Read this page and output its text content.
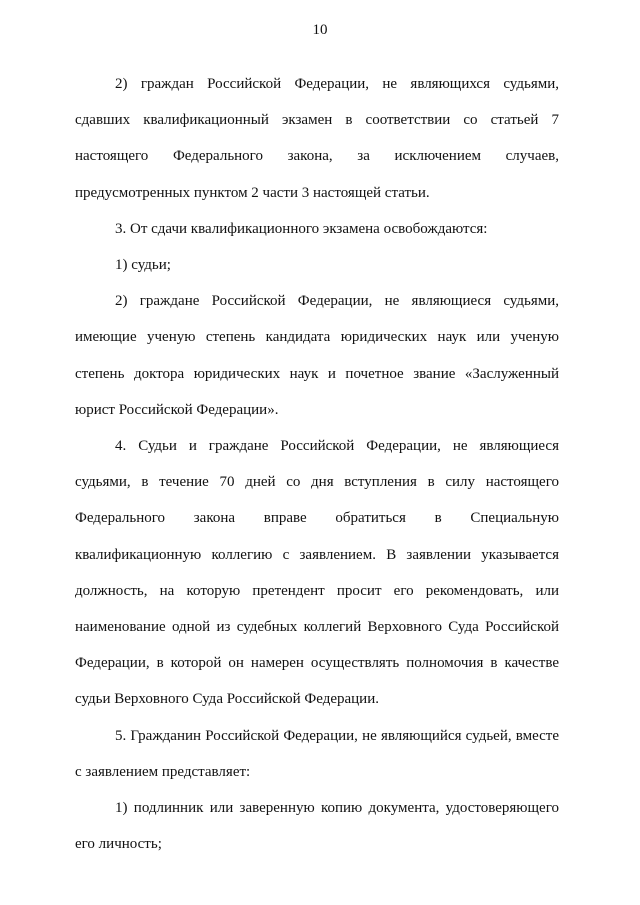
10

2) граждан Российской Федерации, не являющихся судьями, сдавших квалификационный экзамен в соответствии со статьей 7 настоящего Федерального закона, за исключением случаев, предусмотренных пунктом 2 части 3 настоящей статьи.

3. От сдачи квалификационного экзамена освобождаются:

1) судьи;

2) граждане Российской Федерации, не являющиеся судьями, имеющие ученую степень кандидата юридических наук или ученую степень доктора юридических наук и почетное звание «Заслуженный юрист Российской Федерации».

4. Судьи и граждане Российской Федерации, не являющиеся судьями, в течение 70 дней со дня вступления в силу настоящего Федерального закона вправе обратиться в Специальную квалификационную коллегию с заявлением. В заявлении указывается должность, на которую претендент просит его рекомендовать, или наименование одной из судебных коллегий Верховного Суда Российской Федерации, в которой он намерен осуществлять полномочия в качестве судьи Верховного Суда Российской Федерации.

5. Гражданин Российской Федерации, не являющийся судьей, вместе с заявлением представляет:

1) подлинник или заверенную копию документа, удостоверяющего его личность;
